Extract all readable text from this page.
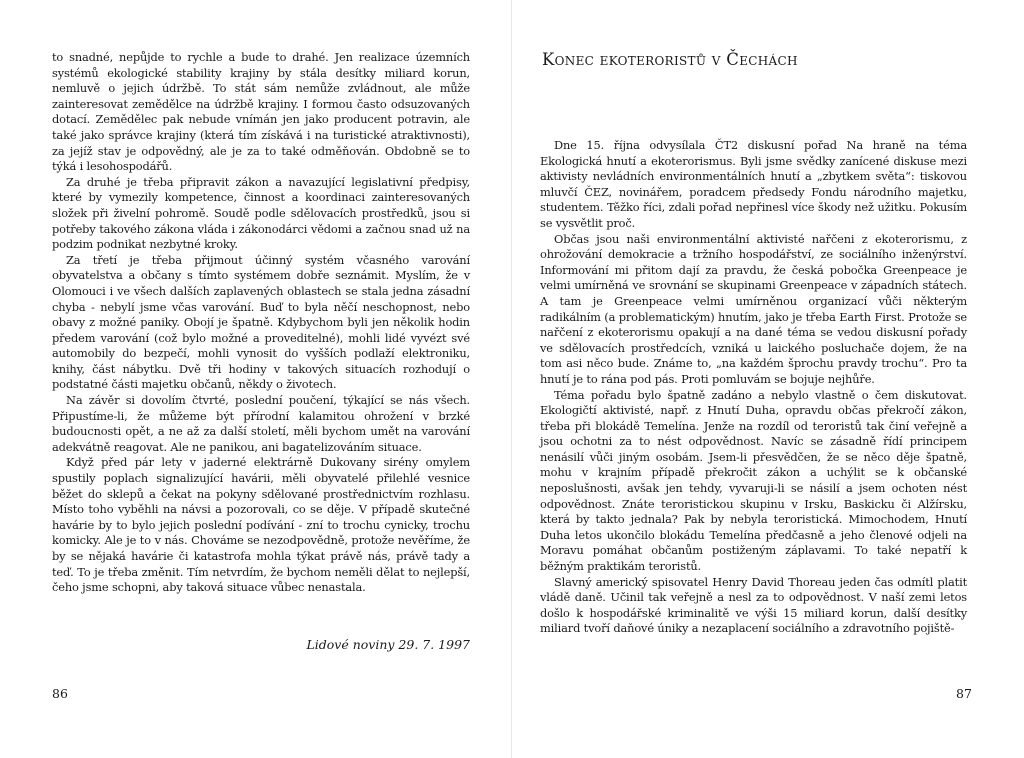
to snadné, nepůjde to rychle a bude to drahé. Jen realizace územních systémů ekologické stability krajiny by stála desítky miliard korun, nemluvě o jejich údržbě. To stát sám nemůže zvládnout, ale může zainteresovat zemědělce na údržbě krajiny. I formou často odsuzovaných dotací. Zemědělec pak nebude vnímán jen jako producent potravin, ale také jako správce krajiny (která tím získává i na turistické atraktivnosti), za jejíž stav je odpovědný, ale je za to také odměňován. Obdobně se to týká i lesohospodářů.

Za druhé je třeba připravit zákon a navazující legislativní předpisy, které by vymezily kompetence, činnost a koordinaci zainteresovaných složek při živelní pohromě. Soudě podle sdělovacích prostředků, jsou si potřeby takového zákona vláda i zákonodárci vědomi a začnou snad už na podzim podnikat nezbytné kroky.

Za třetí je třeba přijmout účinný systém včasného varování obyvatelstva a občany s tímto systémem dobře seznámit. Myslím, že v Olomouci i ve všech dalších zaplavených oblastech se stala jedna zásadní chyba - nebylí jsme včas varování. Buď to byla něčí neschopnost, nebo obavy z možné paniky. Obojí je špatně. Kdybychom byli jen několik hodin předem varování (což bylo možné a proveditelné), mohli lidé vyvézt své automobily do bezpečí, mohli vynosit do vyšších podlaží elektroniku, knihy, část nábytku. Dvě tři hodiny v takových situacích rozhodují o podstatné části majetku občanů, někdy o životech.

Na závěr si dovolím čtvrté, poslední poučení, týkající se nás všech. Připustíme-li, že můžeme být přírodní kalamitou ohrožení v brzké budoucnosti opět, a ne až za další století, měli bychom umět na varování adekvátně reagovat. Ale ne panikou, ani bagatelizováním situace.

Když před pár lety v jaderné elektrárně Dukovany sirény omylem spustily poplach signalizující havárii, měli obyvatelé přilehlé vesnice běžet do sklepů a čekat na pokyny sdělované prostřednictvím rozhlasu. Místo toho vyběhli na návsi a pozorovali, co se děje. V případě skutečné havárie by to bylo jejich poslední podívání - zní to trochu cynicky, trochu komicky. Ale je to v nás. Chováme se nezodpovědně, protože nevěříme, že by se nějaká havárie či katastrofa mohla týkat právě nás, právě tady a teď. To je třeba změnit. Tím netvrdím, že bychom neměli dělat to nejlepší, čeho jsme schopni, aby taková situace vůbec nenastala.

Lidové noviny 29. 7. 1997
86
Konec ekoteroristů v Čechách

Dne 15. října odvysílala ČT2 diskusní pořad Na hraně na téma Ekologická hnutí a ekoterorismus. Byli jsme svědky zanícené diskuse mezi aktivisty nevládních environmentálních hnutí a „zbytkem světa“: tiskovou mluvčí ČEZ, novinářem, poradcem předsedy Fondu národního majetku, studentem. Těžko říci, zdali pořad nepřinesl více škody než užitku. Pokusím se vysvětlit proč.

Občas jsou naši environmentální aktivisté nařčeni z ekoterorismu, z ohrožování demokracie a tržního hospodářství, ze sociálního inženýrství. Informování mi přitom dají za pravdu, že česká pobočka Greenpeace je velmi umírněná ve srovnání se skupinami Greenpeace v západních státech. A tam je Greenpeace velmi umírněnou organizací vůči některým radikálním (a problematickým) hnutím, jako je třeba Earth First. Protože se nařčení z ekoterorismu opakují a na dané téma se vedou diskusní pořady ve sdělovacích prostředcích, vzniká u laického posluchače dojem, že na tom asi něco bude. Známe to, „na každém šprochu pravdy trochu“. Pro ta hnutí je to rána pod pás. Proti pomluvám se bojuje nejhůře.

Téma pořadu bylo špatně zadáno a nebylo vlastně o čem diskutovat. Ekologičtí aktivisté, např. z Hnutí Duha, opravdu občas překročí zákon, třeba při blokádě Temelína. Jenže na rozdíl od teroristů tak činí veřejně a jsou ochotni za to nést odpovědnost. Navíc se zásadně řídí principem nenásilí vůči jiným osobám. Jsem-li přesvědčen, že se něco děje špatně, mohu v krajním případě překročit zákon a uchýlit se k občanské neposlušnosti, avšak jen tehdy, vyvaruji-li se násilí a jsem ochoten nést odpovědnost. Znáte teroristickou skupinu v Irsku, Baskicku či Alžírsku, která by takto jednala? Pak by nebyla teroristická. Mimochodem, Hnutí Duha letos ukončilo blokádu Temelína předčasně a jeho členové odjeli na Moravu pomáhat občanům postiženým záplavami. To také nepatří k běžným praktikám teroristů.

Slavný americký spisovatel Henry David Thoreau jeden čas odmítl platit vládě daně. Učinil tak veřejně a nesl za to odpovědnost. V naší zemi letos došlo k hospodářské kriminalitě ve výši 15 miliard korun, další desítky miliard tvoří daňové úniky a nezaplacení sociálního a zdravotního pojiště-

87
